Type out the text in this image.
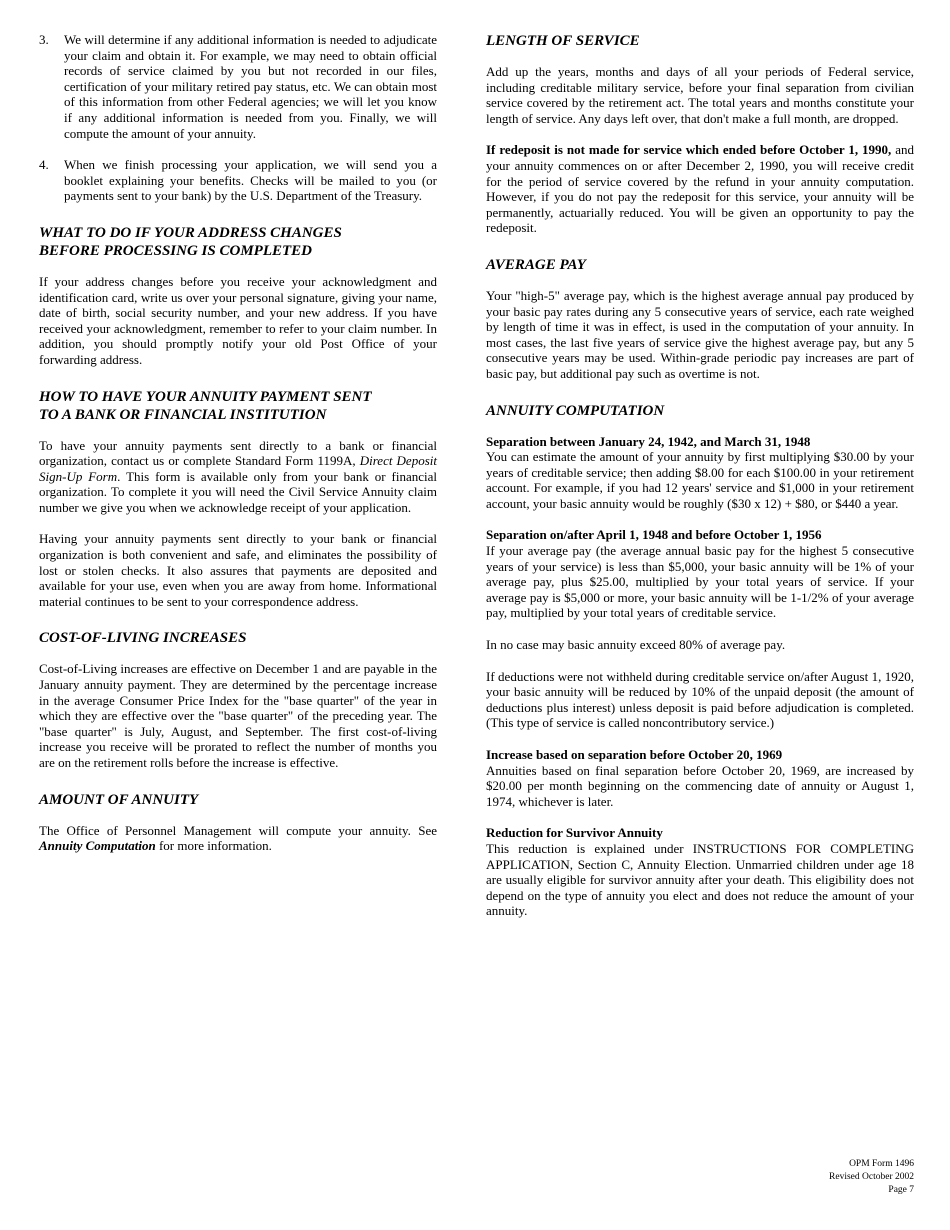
3. We will determine if any additional information is needed to adjudicate your claim and obtain it. For example, we may need to obtain official records of service claimed by you but not recorded in our files, certification of your military retired pay status, etc. We can obtain most of this information from other Federal agencies; we will let you know if any additional information is needed from you. Finally, we will compute the amount of your annuity.

4. When we finish processing your application, we will send you a booklet explaining your benefits. Checks will be mailed to you (or payments sent to your bank) by the U.S. Department of the Treasury.

WHAT TO DO IF YOUR ADDRESS CHANGES
BEFORE PROCESSING IS COMPLETED

If your address changes before you receive your acknowledgment and identification card, write us over your personal signature, giving your name, date of birth, social security number, and your new address. If you have received your acknowledgment, remember to refer to your claim number. In addition, you should promptly notify your old Post Office of your forwarding address.

HOW TO HAVE YOUR ANNUITY PAYMENT SENT
TO A BANK OR FINANCIAL INSTITUTION

To have your annuity payments sent directly to a bank or financial organization, contact us or complete Standard Form 1199A, Direct Deposit Sign-Up Form. This form is available only from your bank or financial organization. To complete it you will need the Civil Service Annuity claim number we give you when we acknowledge receipt of your application.

Having your annuity payments sent directly to your bank or financial organization is both convenient and safe, and eliminates the possibility of lost or stolen checks. It also assures that payments are deposited and available for your use, even when you are away from home. Informational material continues to be sent to your correspondence address.

COST-OF-LIVING INCREASES

Cost-of-Living increases are effective on December 1 and are payable in the January annuity payment. They are determined by the percentage increase in the average Consumer Price Index for the "base quarter" of the year in which they are effective over the "base quarter" of the preceding year. The "base quarter" is July, August, and September. The first cost-of-living increase you receive will be prorated to reflect the number of months you are on the retirement rolls before the increase is effective.

AMOUNT OF ANNUITY

The Office of Personnel Management will compute your annuity. See Annuity Computation for more information.

LENGTH OF SERVICE

Add up the years, months and days of all your periods of Federal service, including creditable military service, before your final separation from civilian service covered by the retirement act. The total years and months constitute your length of service. Any days left over, that don't make a full month, are dropped.

If redeposit is not made for service which ended before October 1, 1990, and your annuity commences on or after December 2, 1990, you will receive credit for the period of service covered by the refund in your annuity computation. However, if you do not pay the redeposit for this service, your annuity will be permanently, actuarially reduced. You will be given an opportunity to pay the redeposit.

AVERAGE PAY

Your "high-5" average pay, which is the highest average annual pay produced by your basic pay rates during any 5 consecutive years of service, each rate weighed by length of time it was in effect, is used in the computation of your annuity. In most cases, the last five years of service give the highest average pay, but any 5 consecutive years may be used. Within-grade periodic pay increases are part of basic pay, but additional pay such as overtime is not.

ANNUITY COMPUTATION
Separation between January 24, 1942, and March 31, 1948

You can estimate the amount of your annuity by first multiplying $30.00 by your years of creditable service; then adding $8.00 for each $100.00 in your retirement account. For example, if you had 12 years' service and $1,000 in your retirement account, your basic annuity would be roughly ($30 x 12) + $80, or $440 a year.

Separation on/after April 1, 1948 and before October 1, 1956

If your average pay (the average annual basic pay for the highest 5 consecutive years of your service) is less than $5,000, your basic annuity will be 1% of your average pay, plus $25.00, multiplied by your total years of service. If your average pay is $5,000 or more, your basic annuity will be 1-1/2% of your average pay, multiplied by your total years of creditable service.

In no case may basic annuity exceed 80% of average pay.

If deductions were not withheld during creditable service on/after August 1, 1920, your basic annuity will be reduced by 10% of the unpaid deposit (the amount of deductions plus interest) unless deposit is paid before adjudication is completed. (This type of service is called noncontributory service.)

Increase based on separation before October 20, 1969

Annuities based on final separation before October 20, 1969, are increased by $20.00 per month beginning on the commencing date of annuity or August 1, 1974, whichever is later.

Reduction for Survivor Annuity

This reduction is explained under INSTRUCTIONS FOR COMPLETING APPLICATION, Section C, Annuity Election. Unmarried children under age 18 are usually eligible for survivor annuity after your death. This eligibility does not depend on the type of annuity you elect and does not reduce the amount of your annuity.

OPM Form 1496
Revised October 2002
Page 7
